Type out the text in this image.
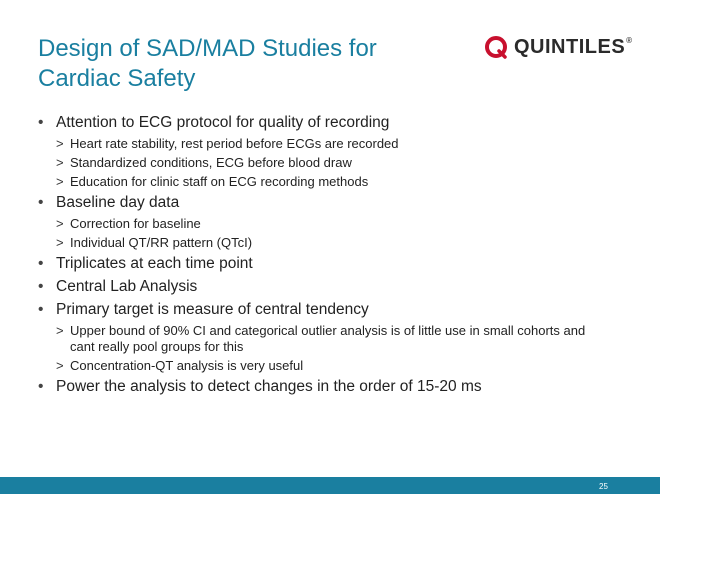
Design of SAD/MAD Studies for
Cardiac Safety
QUINTILES®
• Attention to ECG protocol for quality of recording
> Heart rate stability, rest period before ECGs are recorded
> Standardized conditions, ECG before blood draw
> Education for clinic staff on ECG recording methods
• Baseline day data
> Correction for baseline
> Individual QT/RR pattern (QTcI)
• Triplicates at each time point
• Central Lab Analysis
• Primary target is measure of central tendency
> Upper bound of 90% CI and categorical outlier analysis is of little use in small cohorts and cant really pool groups for this
> Concentration-QT analysis is very useful
• Power the analysis to detect changes in the order of 15-20 ms
25
